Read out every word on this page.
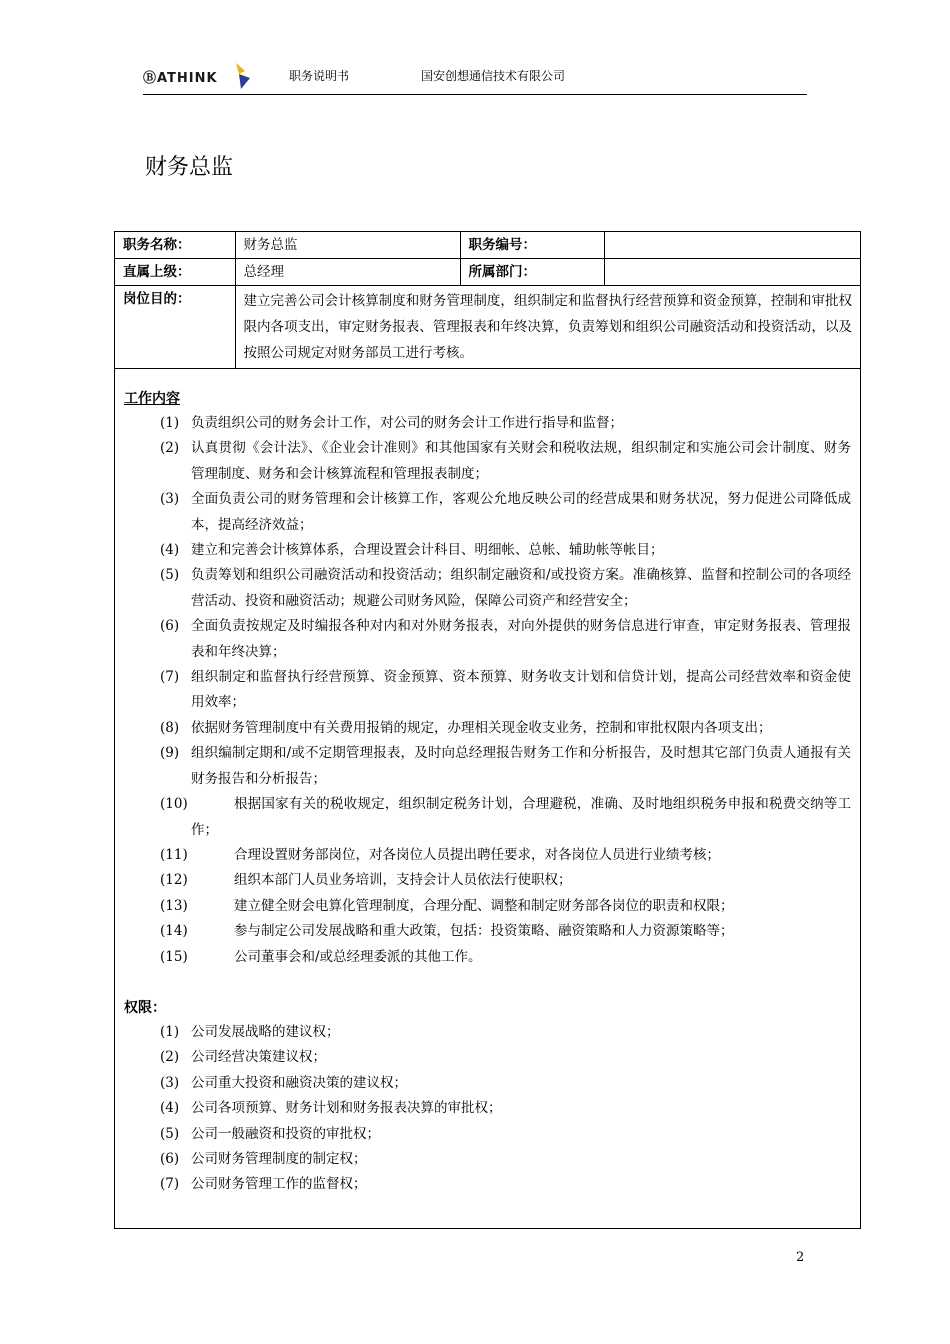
ⒷATHINK	职务说明书	国安创想通信技术有限公司
财务总监
职务名称：	财务总监	职务编号：	
直属上级：	总经理	所属部门：	
岗位目的：	建立完善公司会计核算制度和财务管理制度，组织制定和监督执行经营预算和资金预算，控制和审批权限内各项支出，审定财务报表、管理报表和年终决算，负责筹划和组织公司融资活动和投资活动，以及按照公司规定对财务部员工进行考核。		

工作内容

(1) 负责组织公司的财务会计工作，对公司的财务会计工作进行指导和监督；
(2) 认真贯彻《会计法》、《企业会计准则》和其他国家有关财会和税收法规，组织制定和实施公司会计制度、财务管理制度、财务和会计核算流程和管理报表制度；
(3) 全面负责公司的财务管理和会计核算工作，客观公允地反映公司的经营成果和财务状况，努力促进公司降低成本，提高经济效益；
(4) 建立和完善会计核算体系，合理设置会计科目、明细帐、总帐、辅助帐等帐目；
(5) 负责筹划和组织公司融资活动和投资活动；组织制定融资和/或投资方案。准确核算、监督和控制公司的各项经营活动、投资和融资活动；规避公司财务风险，保障公司资产和经营安全；
(6) 全面负责按规定及时编报各种对内和对外财务报表，对向外提供的财务信息进行审查，审定财务报表、管理报表和年终决算；
(7) 组织制定和监督执行经营预算、资金预算、资本预算、财务收支计划和信贷计划，提高公司经营效率和资金使用效率；
(8) 依据财务管理制度中有关费用报销的规定，办理相关现金收支业务，控制和审批权限内各项支出；
(9) 组织编制定期和/或不定期管理报表，及时向总经理报告财务工作和分析报告，及时想其它部门负责人通报有关财务报告和分析报告；
(10)	根据国家有关的税收规定，组织制定税务计划，合理避税，准确、及时地组织税务申报和税费交纳等工作；
(11)	合理设置财务部岗位，对各岗位人员提出聘任要求，对各岗位人员进行业绩考核；
(12)	组织本部门人员业务培训，支持会计人员依法行使职权；
(13)	建立健全财会电算化管理制度，合理分配、调整和制定财务部各岗位的职责和权限；
(14)	参与制定公司发展战略和重大政策，包括：投资策略、融资策略和人力资源策略等；
(15)	公司董事会和/或总经理委派的其他工作。

权限：

(1) 公司发展战略的建议权；
(2) 公司经营决策建议权；
(3) 公司重大投资和融资决策的建议权；
(4) 公司各项预算、财务计划和财务报表决算的审批权；
(5) 公司一般融资和投资的审批权；
(6) 公司财务管理制度的制定权；
(7) 公司财务管理工作的监督权；
2
